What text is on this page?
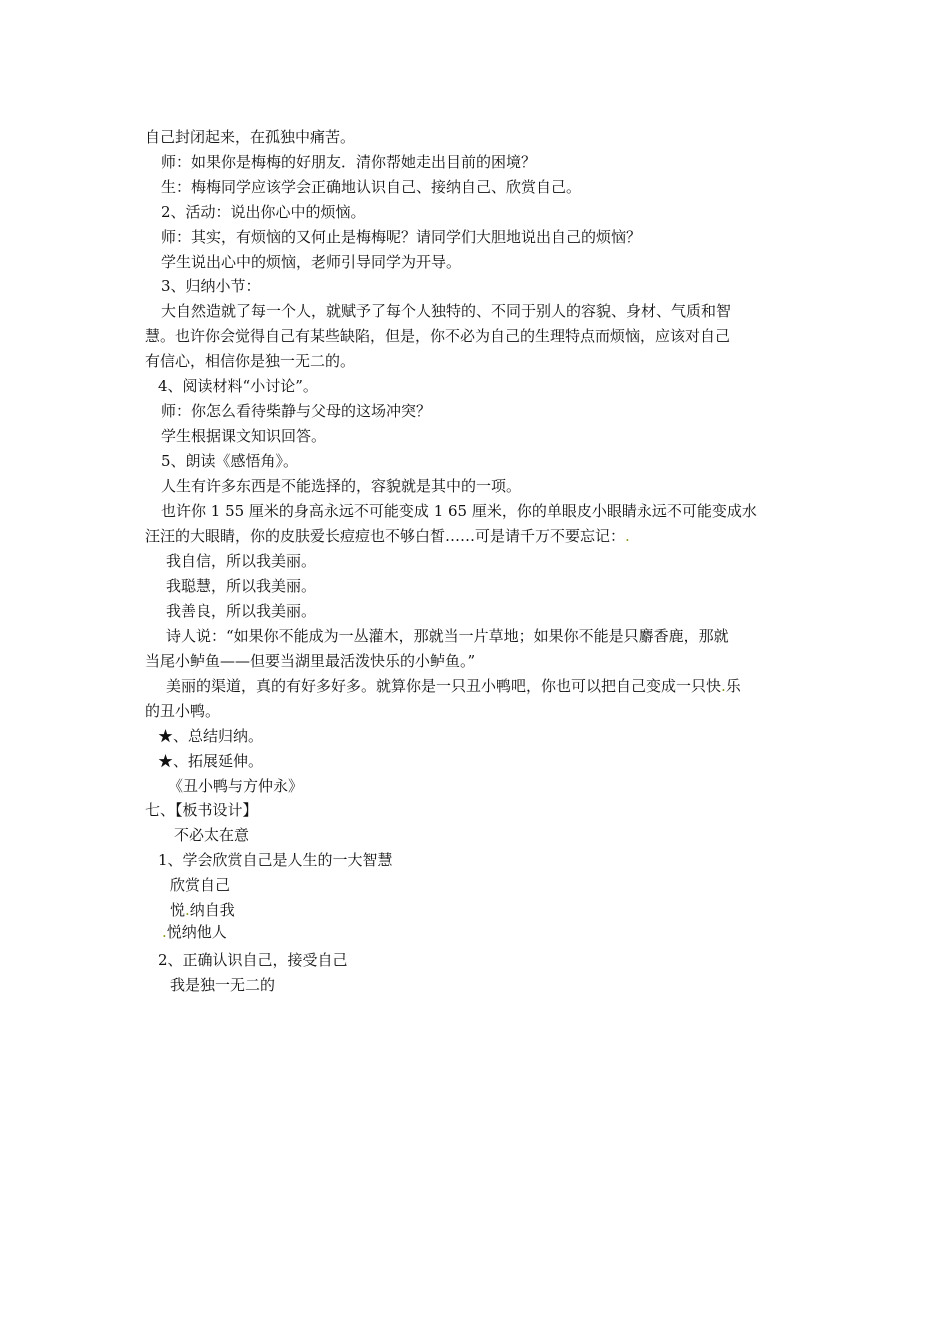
自己封闭起来，在孤独中痛苦。

师：如果你是梅梅的好朋友．清你帮她走出目前的困境？

生：梅梅同学应该学会正确地认识自己、接纳自己、欣赏自己。

2、活动：说出你心中的烦恼。

师：其实，有烦恼的又何止是梅梅呢？请同学们大胆地说出自己的烦恼？

学生说出心中的烦恼，老师引导同学为开导。

3、归纳小节：

大自然造就了每一个人，就赋予了每个人独特的、不同于别人的容貌、身材、气质和智

慧。也许你会觉得自己有某些缺陷，但是，你不必为自己的生理特点而烦恼，应该对自己

有信心，相信你是独一无二的。

4、阅读材料“小讨论”。

师：你怎么看待柴静与父母的这场冲突？

学生根据课文知识回答。

5、朗读《感悟角》。

人生有许多东西是不能选择的，容貌就是其中的一项。

也许你 1 55 厘米的身高永远不可能变成 1 65 厘米，你的单眼皮小眼睛永远不可能变成水

汪汪的大眼睛，你的皮肤爱长痘痘也不够白皙……可是请千万不要忘记：.

我自信，所以我美丽。

我聪慧，所以我美丽。

我善良，所以我美丽。

诗人说：“如果你不能成为一丛灌木，那就当一片草地；如果你不能是只麝香鹿，那就

当尾小鲈鱼——但要当湖里最活泼快乐的小鲈鱼。”

美丽的渠道，真的有好多好多。就算你是一只丑小鸭吧，你也可以把自己变成一只快.乐

的丑小鸭。

★、总结归纳。

★、拓展延伸。

《丑小鸭与方仲永》

七、【板书设计】

不必太在意

1、学会欣赏自己是人生的一大智慧

欣赏自己

悦.纳自我

.悦纳他人

2、正确认识自己，接受自己

我是独一无二的
